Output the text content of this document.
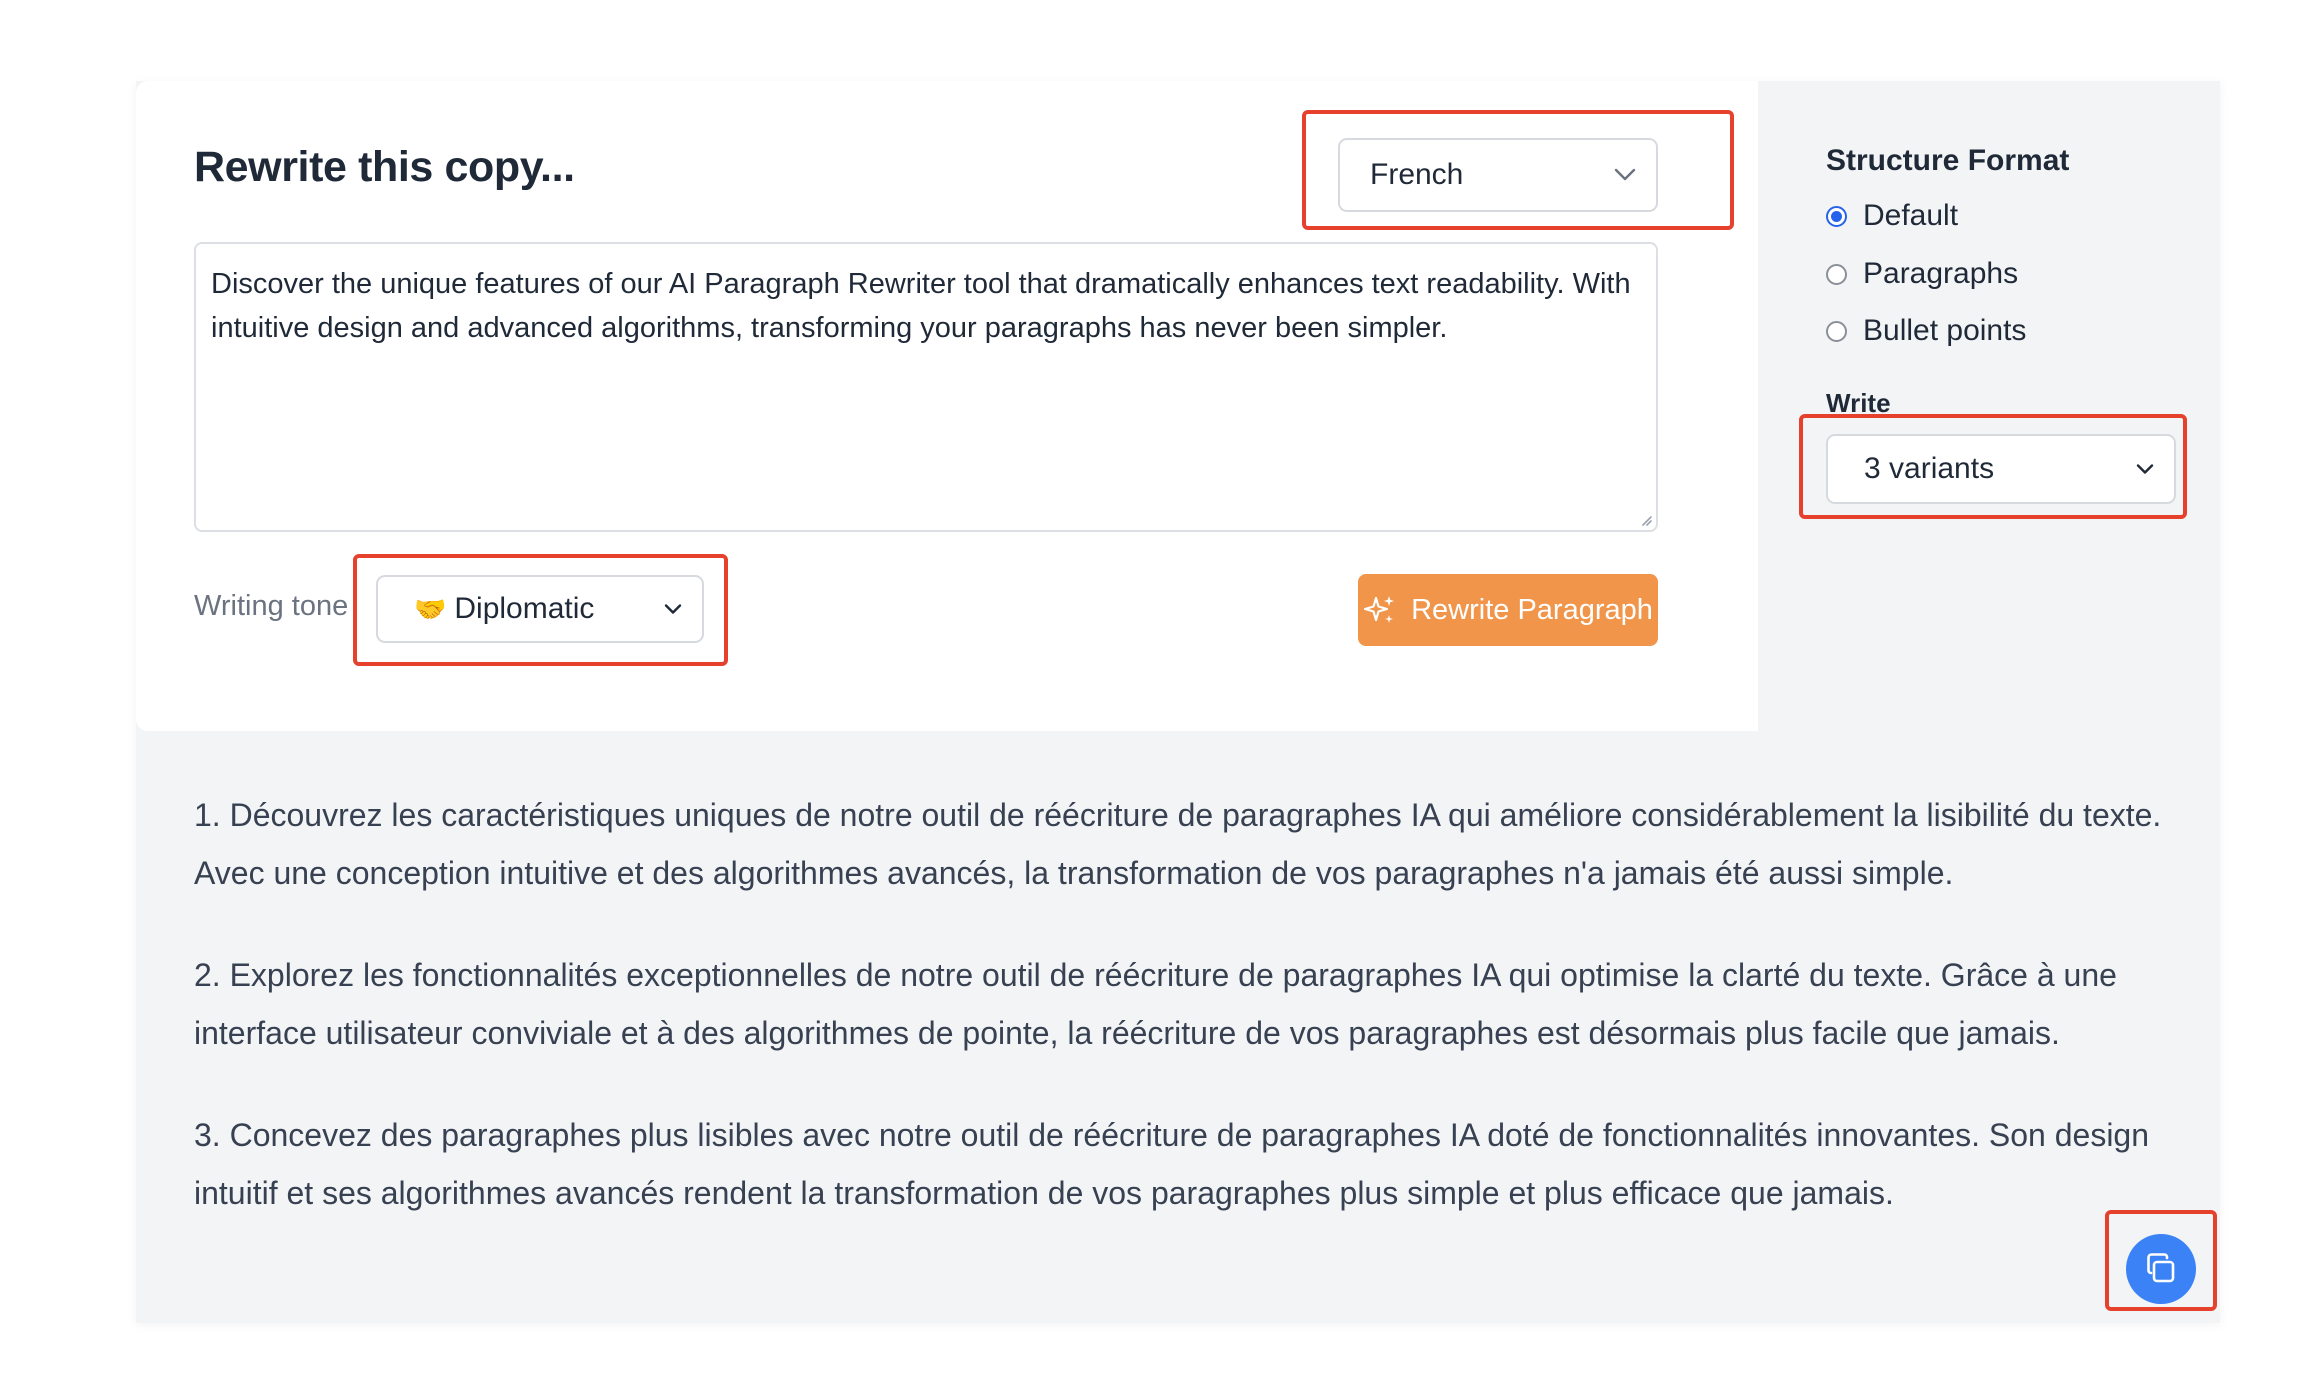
Rewrite this copy...	French
Discover the unique features of our AI Paragraph Rewriter tool that dramatically enhances text readability. With intuitive design and advanced algorithms, transforming your paragraphs has never been simpler.
Writing tone	🤝 Diplomatic	Rewrite Paragraph
Structure Format
Default
Paragraphs
Bullet points
Write
3 variants

1. Découvrez les caractéristiques uniques de notre outil de réécriture de paragraphes IA qui améliore considérablement la lisibilité du texte. Avec une conception intuitive et des algorithmes avancés, la transformation de vos paragraphes n'a jamais été aussi simple.

2. Explorez les fonctionnalités exceptionnelles de notre outil de réécriture de paragraphes IA qui optimise la clarté du texte. Grâce à une interface utilisateur conviviale et à des algorithmes de pointe, la réécriture de vos paragraphes est désormais plus facile que jamais.

3. Concevez des paragraphes plus lisibles avec notre outil de réécriture de paragraphes IA doté de fonctionnalités innovantes. Son design intuitif et ses algorithmes avancés rendent la transformation de vos paragraphes plus simple et plus efficace que jamais.
